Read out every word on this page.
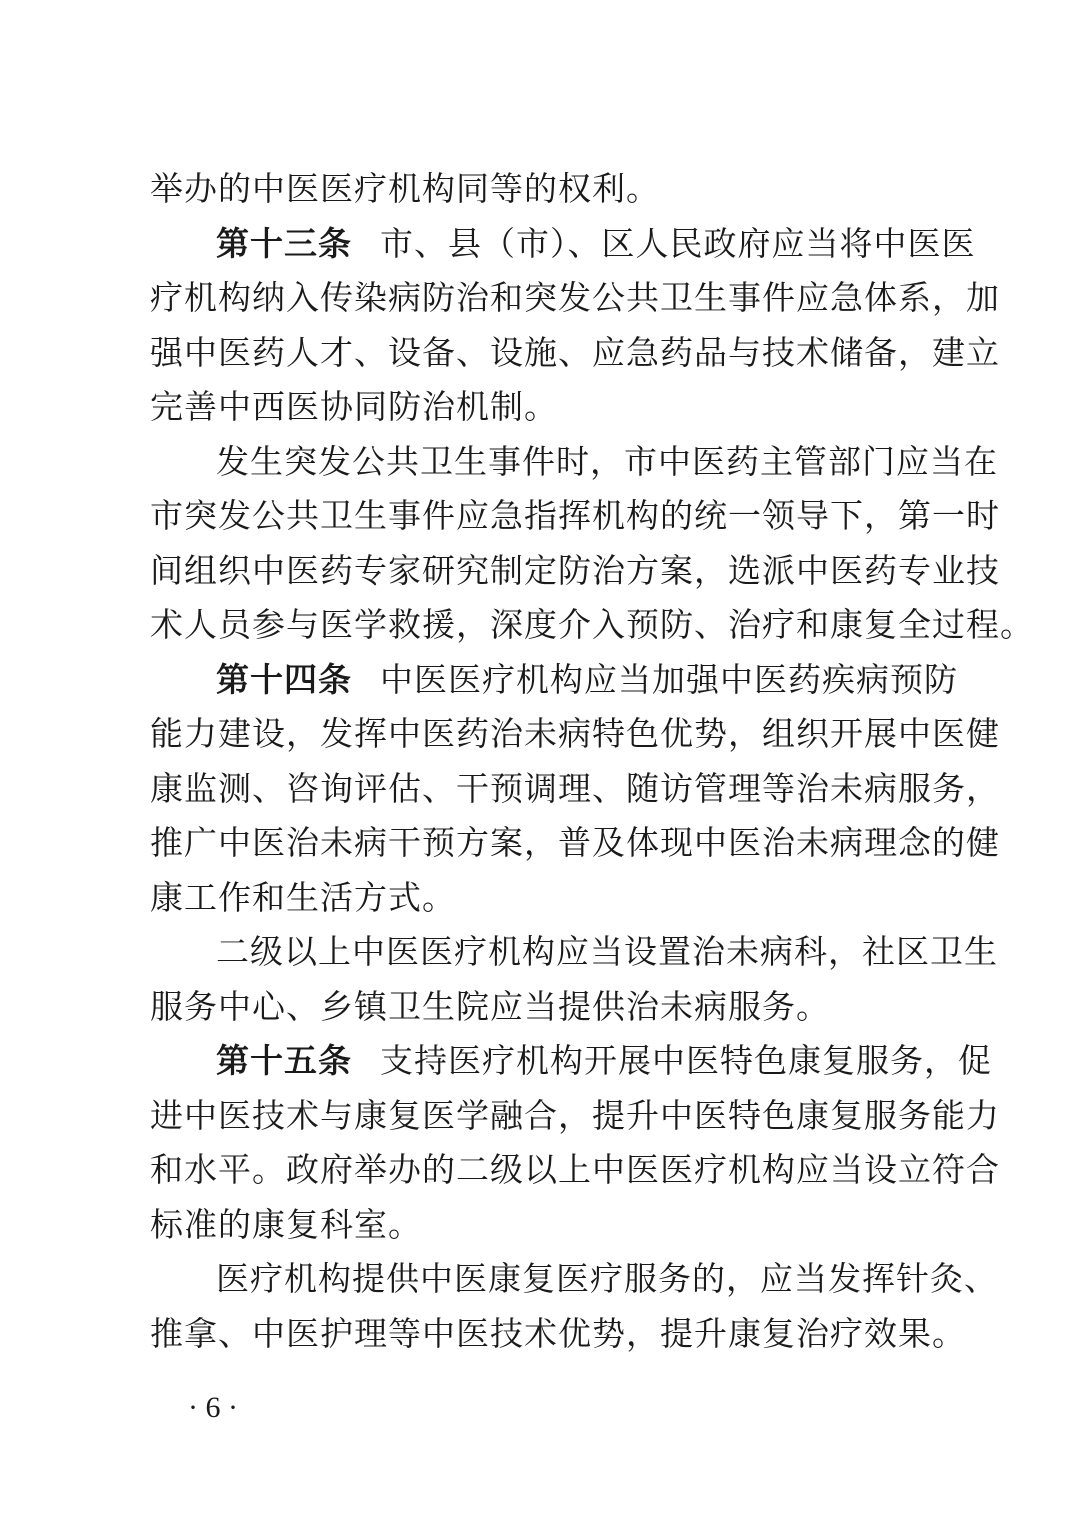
举办的中医医疗机构同等的权利。
第十三条 市、县（市）、区人民政府应当将中医医
疗机构纳入传染病防治和突发公共卫生事件应急体系，加
强中医药人才、设备、设施、应急药品与技术储备，建立
完善中西医协同防治机制。
发生突发公共卫生事件时，市中医药主管部门应当在
市突发公共卫生事件应急指挥机构的统一领导下，第一时
间组织中医药专家研究制定防治方案，选派中医药专业技
术人员参与医学救援，深度介入预防、治疗和康复全过程。
第十四条 中医医疗机构应当加强中医药疾病预防
能力建设，发挥中医药治未病特色优势，组织开展中医健
康监测、咨询评估、干预调理、随访管理等治未病服务，
推广中医治未病干预方案，普及体现中医治未病理念的健
康工作和生活方式。
二级以上中医医疗机构应当设置治未病科，社区卫生
服务中心、乡镇卫生院应当提供治未病服务。
第十五条 支持医疗机构开展中医特色康复服务，促
进中医技术与康复医学融合，提升中医特色康复服务能力
和水平。政府举办的二级以上中医医疗机构应当设立符合
标准的康复科室。
医疗机构提供中医康复医疗服务的，应当发挥针灸、
推拿、中医护理等中医技术优势，提升康复治疗效果。
· 6 ·
